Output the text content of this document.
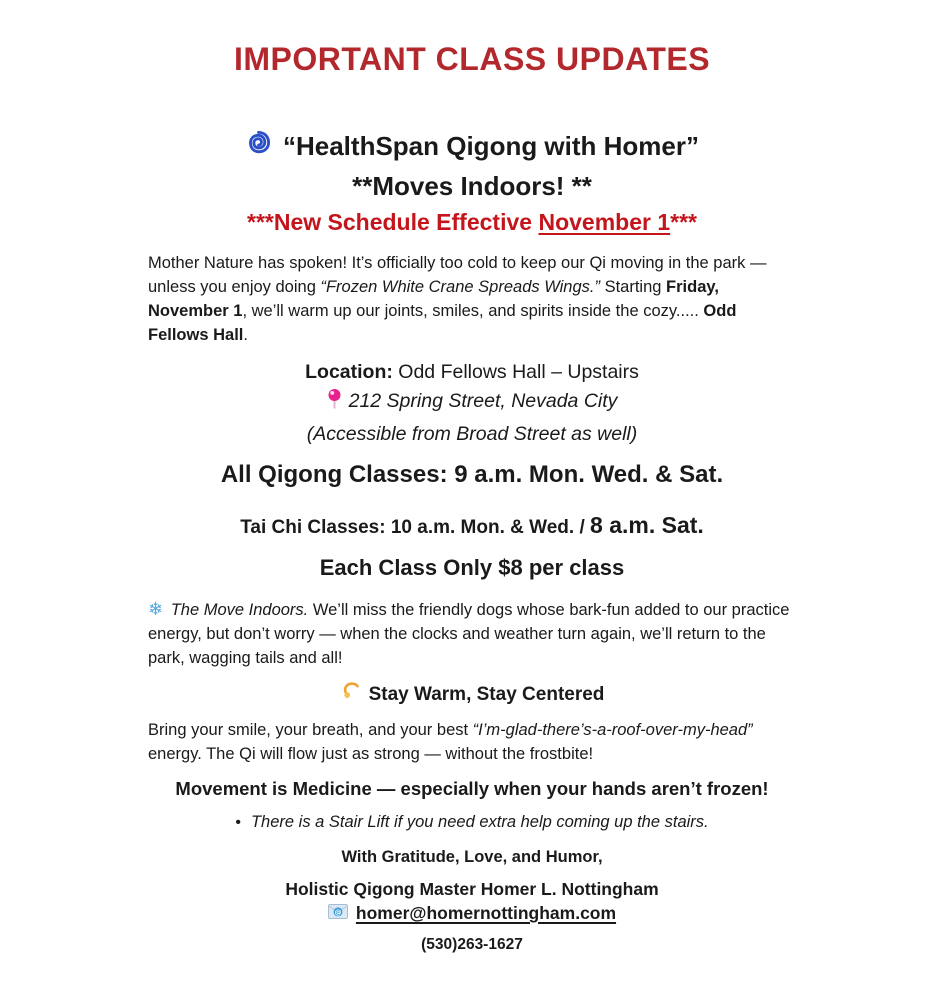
IMPORTANT CLASS UPDATES
“HealthSpan Qigong with Homer”
**Moves Indoors! **
***New Schedule Effective November 1***

Mother Nature has spoken! It’s officially too cold to keep our Qi moving in the park — unless you enjoy doing “Frozen White Crane Spreads Wings.” Starting Friday, November 1, we’ll warm up our joints, smiles, and spirits inside the cozy..... Odd Fellows Hall.

Location: Odd Fellows Hall – Upstairs
212 Spring Street, Nevada City
(Accessible from Broad Street as well)
All Qigong Classes: 9 a.m. Mon. Wed. & Sat.
Tai Chi Classes: 10 a.m. Mon. & Wed. / 8 a.m. Sat.
Each Class Only $8 per class

❄ The Move Indoors. We’ll miss the friendly dogs whose bark-fun added to our practice energy, but don’t worry — when the clocks and weather turn again, we’ll return to the park, wagging tails and all!

Stay Warm, Stay Centered

Bring your smile, your breath, and your best “I’m-glad-there’s-a-roof-over-my-head” energy. The Qi will flow just as strong — without the frostbite!

Movement is Medicine — especially when your hands aren’t frozen!
• There is a Stair Lift if you need extra help coming up the stairs.
With Gratitude, Love, and Humor,
Holistic Qigong Master Homer L. Nottingham
@ homer@homernottingham.com
(530)263-1627
